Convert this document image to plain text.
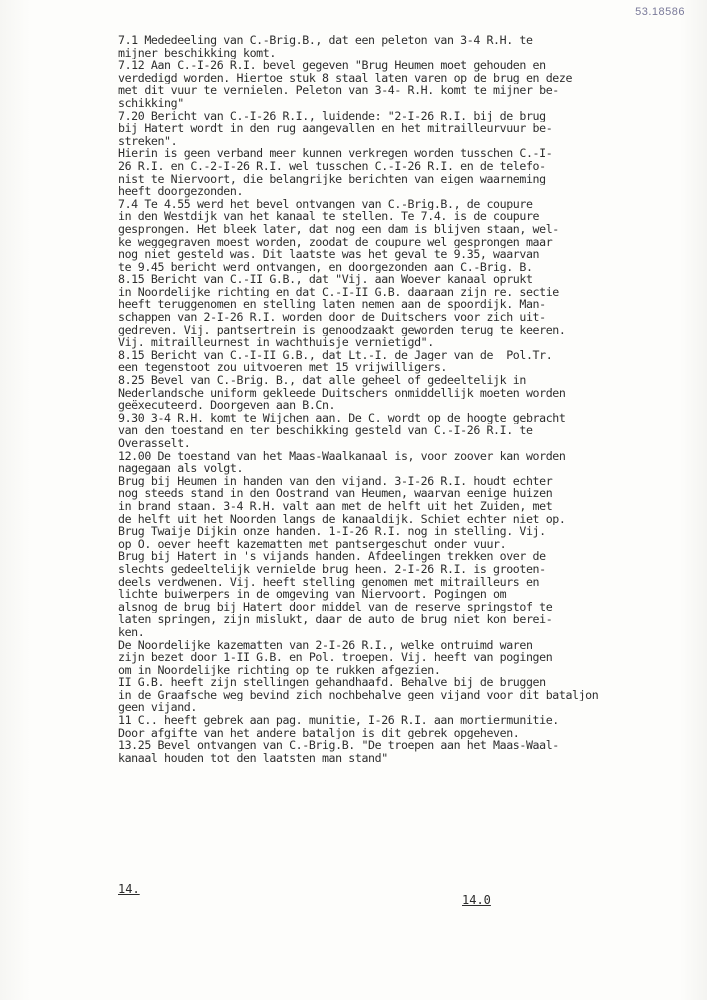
53.18586
7.1 Mededeeling van C.-Brig.B., dat een peleton van 3-4 R.H. te
mijner beschikking komt.
7.12 Aan C.-I-26 R.I. bevel gegeven "Brug Heumen moet gehouden en
verdedigd worden. Hiertoe stuk 8 staal laten varen op de brug en deze
met dit vuur te vernielen. Peleton van 3-4- R.H. komt te mijner be-
schikking"
7.20 Bericht van C.-I-26 R.I., luidende: "2-I-26 R.I. bij de brug
bij Hatert wordt in den rug aangevallen en het mitrailleurvuur be-
streken".
Hierin is geen verband meer kunnen verkregen worden tusschen C.-I-
26 R.I. en C.-2-I-26 R.I. wel tusschen C.-I-26 R.I. en de telefo-
nist te Niervoort, die belangrijke berichten van eigen waarneming
heeft doorgezonden.
7.4 Te 4.55 werd het bevel ontvangen van C.-Brig.B., de coupure
in den Westdijk van het kanaal te stellen. Te 7.4. is de coupure
gesprongen. Het bleek later, dat nog een dam is blijven staan, wel-
ke weggegraven moest worden, zoodat de coupure wel gesprongen maar
nog niet gesteld was. Dit laatste was het geval te 9.35, waarvan
te 9.45 bericht werd ontvangen, en doorgezonden aan C.-Brig. B.
8.15 Bericht van C.-II G.B., dat "Vij. aan Woever kanaal oprukt
in Noordelijke richting en dat C.-I-II G.B. daaraan zijn re. sectie
heeft teruggenomen en stelling laten nemen aan de spoordijk. Man-
schappen van 2-I-26 R.I. worden door de Duitschers voor zich uit-
gedreven. Vij. pantsertrein is genoodzaakt geworden terug te keeren.
Vij. mitrailleurnest in wachthuisje vernietigd".
8.15 Bericht van C.-I-II G.B., dat Lt.-I. de Jager van de  Pol.Tr.
een tegenstoot zou uitvoeren met 15 vrijwilligers.
8.25 Bevel van C.-Brig. B., dat alle geheel of gedeeltelijk in
Nederlandsche uniform gekleede Duitschers onmiddellijk moeten worden
geëxecuteerd. Doorgeven aan B.Cn.
9.30 3-4 R.H. komt te Wijchen aan. De C. wordt op de hoogte gebracht
van den toestand en ter beschikking gesteld van C.-I-26 R.I. te
Overasselt.
12.00 De toestand van het Maas-Waalkanaal is, voor zoover kan worden
nagegaan als volgt.
Brug bij Heumen in handen van den vijand. 3-I-26 R.I. houdt echter
nog steeds stand in den Oostrand van Heumen, waarvan eenige huizen
in brand staan. 3-4 R.H. valt aan met de helft uit het Zuiden, met
de helft uit het Noorden langs de kanaaldijk. Schiet echter niet op.
Brug Twaije Dijkin onze handen. 1-I-26 R.I. nog in stelling. Vij.
op O. oever heeft kazematten met pantsergeschut onder vuur.
Brug bij Hatert in 's vijands handen. Afdeelingen trekken over de
slechts gedeeltelijk vernielde brug heen. 2-I-26 R.I. is grooten-
deels verdwenen. Vij. heeft stelling genomen met mitrailleurs en
lichte buiwerpers in de omgeving van Niervoort. Pogingen om
alsnog de brug bij Hatert door middel van de reserve springstof te
laten springen, zijn mislukt, daar de auto de brug niet kon berei-
ken.
De Noordelijke kazematten van 2-I-26 R.I., welke ontruimd waren
zijn bezet door 1-II G.B. en Pol. troepen. Vij. heeft van pogingen
om in Noordelijke richting op te rukken afgezien.
II G.B. heeft zijn stellingen gehandhaafd. Behalve bij de bruggen
in de Graafsche weg bevind zich nochbehalve geen vijand voor dit bataljon
geen vijand.
11 C.. heeft gebrek aan pag. munitie, I-26 R.I. aan mortiermunitie.
Door afgifte van het andere bataljon is dit gebrek opgeheven.
13.25 Bevel ontvangen van C.-Brig.B. "De troepen aan het Maas-Waal-
kanaal houden tot den laatsten man stand"
14.
14.0
